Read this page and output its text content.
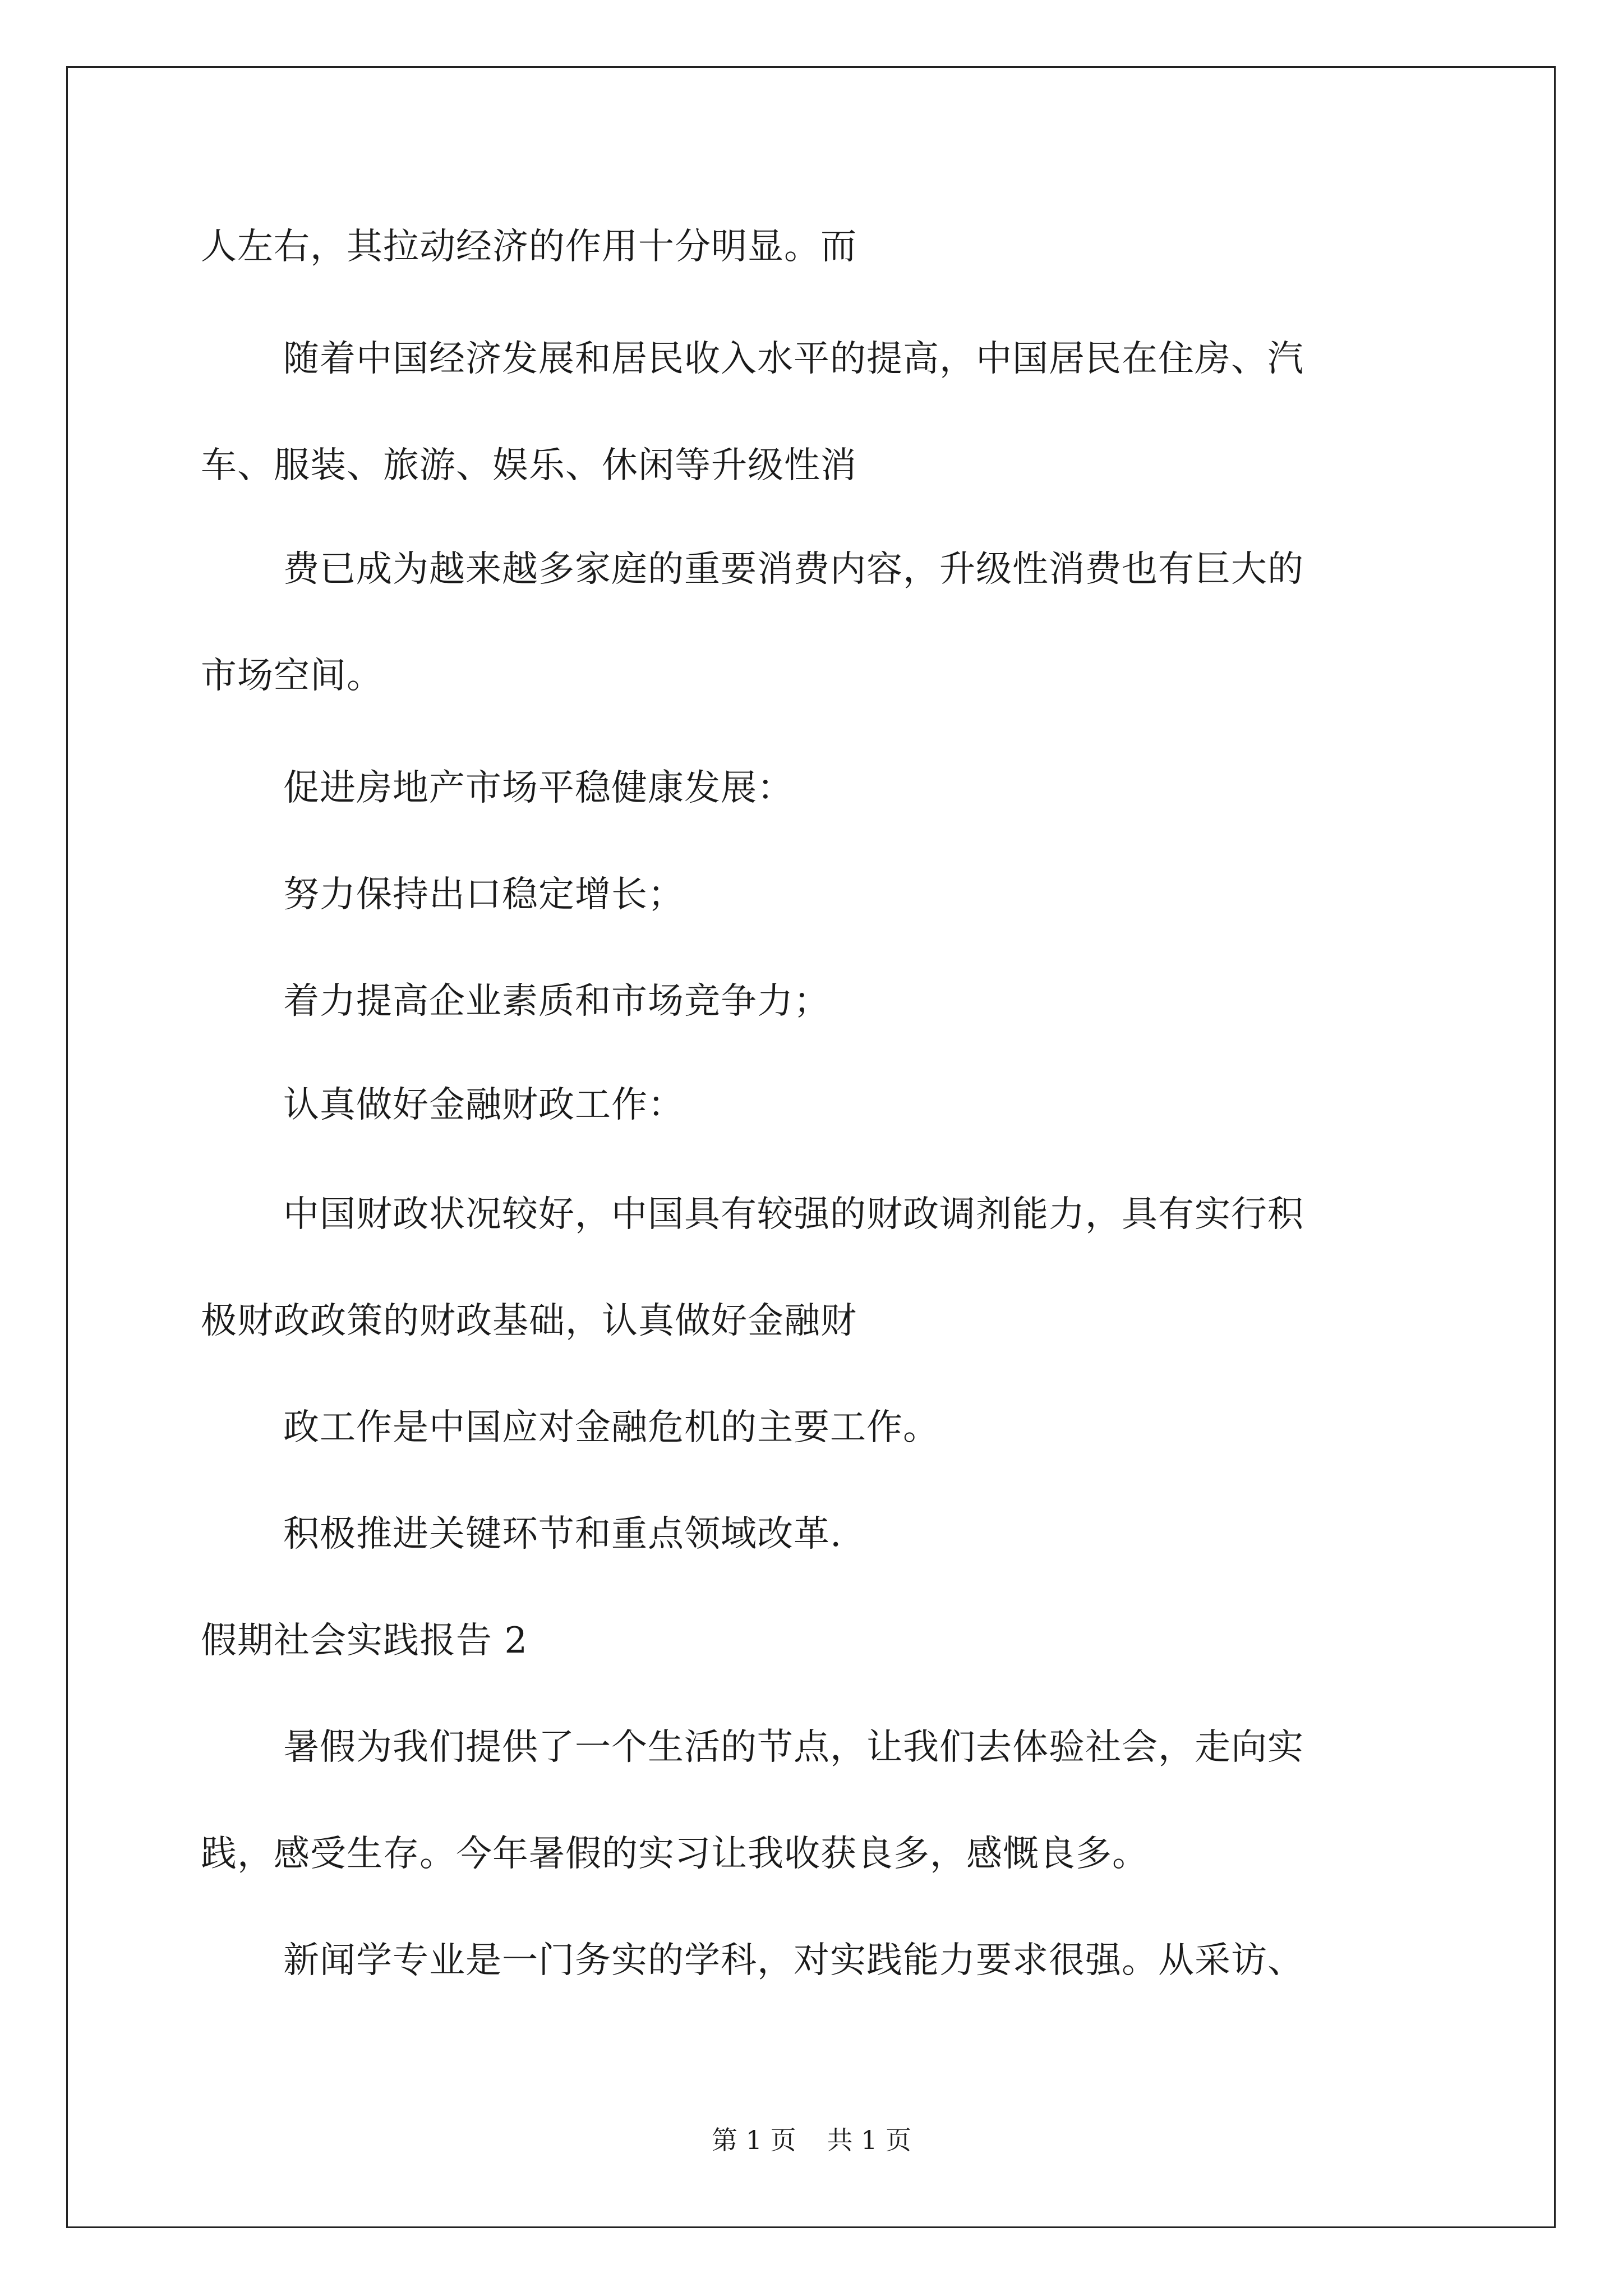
人左右，其拉动经济的作用十分明显。而
随着中国经济发展和居民收入水平的提高，中国居民在住房、汽
车、服装、旅游、娱乐、休闲等升级性消
费已成为越来越多家庭的重要消费内容，升级性消费也有巨大的
市场空间。
促进房地产市场平稳健康发展：
努力保持出口稳定增长；
着力提高企业素质和市场竞争力；
认真做好金融财政工作：
中国财政状况较好，中国具有较强的财政调剂能力，具有实行积
极财政政策的财政基础，认真做好金融财
政工作是中国应对金融危机的主要工作。
积极推进关键环节和重点领域改革.
假期社会实践报告 2
暑假为我们提供了一个生活的节点，让我们去体验社会，走向实
践，感受生存。今年暑假的实习让我收获良多，感慨良多。
新闻学专业是一门务实的学科，对实践能力要求很强。从采访、
第 1 页 共 1 页
